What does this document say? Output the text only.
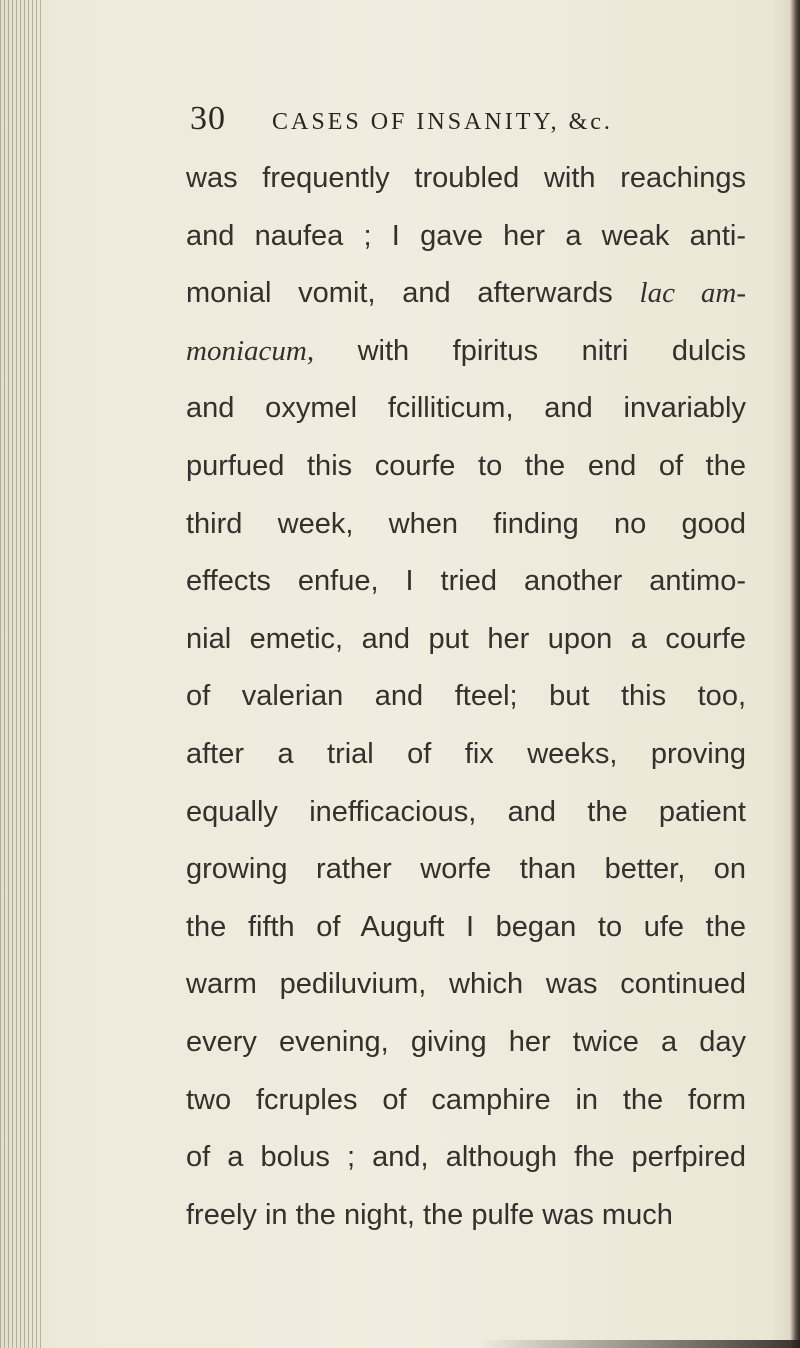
30 CASES OF INSANITY, &c.
was frequently troubled with reachings
and naufea ; I gave her a weak anti-
monial vomit, and afterwards lac am-
moniacum, with fpiritus nitri dulcis
and oxymel fcilliticum, and invariably
purfued this courfe to the end of the
third week, when finding no good
effects enfue, I tried another antimo-
nial emetic, and put her upon a courfe
of valerian and fteel; but this too,
after a trial of fix weeks, proving
equally inefficacious, and the patient
growing rather worfe than better, on
the fifth of Auguft I began to ufe the
warm pediluvium, which was continued
every evening, giving her twice a day
two fcruples of camphire in the form
of a bolus ; and, although fhe perfpired
freely in the night, the pulfe was much
